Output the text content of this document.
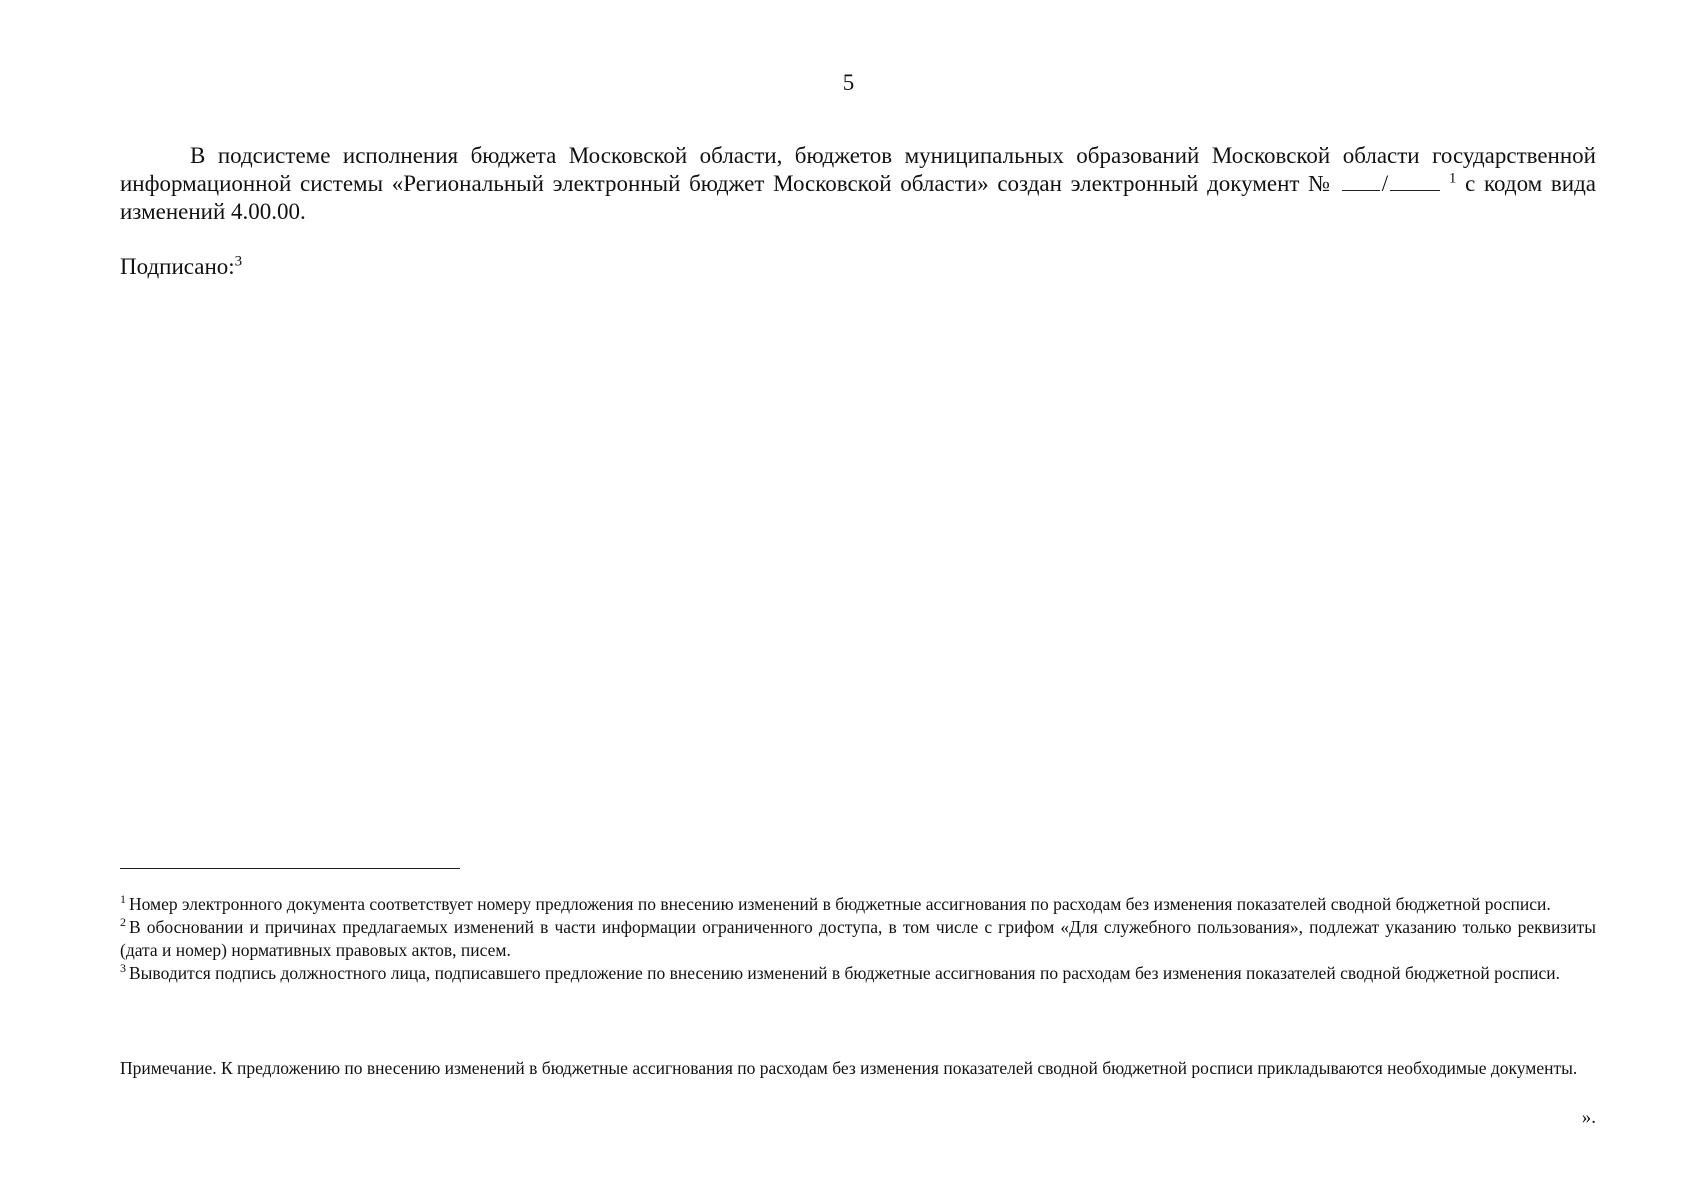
5

В подсистеме исполнения бюджета Московской области, бюджетов муниципальных образований Московской области государственной информационной системы «Региональный электронный бюджет Московской области» создан электронный документ № /	$^1$ с кодом вида изменений 4.00.00.

Подписано:$^3$

$^1$ Номер электронного документа соответствует номеру предложения по внесению изменений в бюджетные ассигнования по расходам без изменения показателей сводной бюджетной росписи.

$^2$ В обосновании и причинах предлагаемых изменений в части информации ограниченного доступа, в том числе с грифом «Для служебного пользования», подлежат указанию только реквизиты (дата и номер) нормативных правовых актов, писем.

$^3$ Выводится подпись должностного лица, подписавшего предложение по внесению изменений в бюджетные ассигнования по расходам без изменения показателей сводной бюджетной росписи.

Примечание. К предложению по внесению изменений в бюджетные ассигнования по расходам без изменения показателей сводной бюджетной росписи прикладываются необходимые документы.

».
